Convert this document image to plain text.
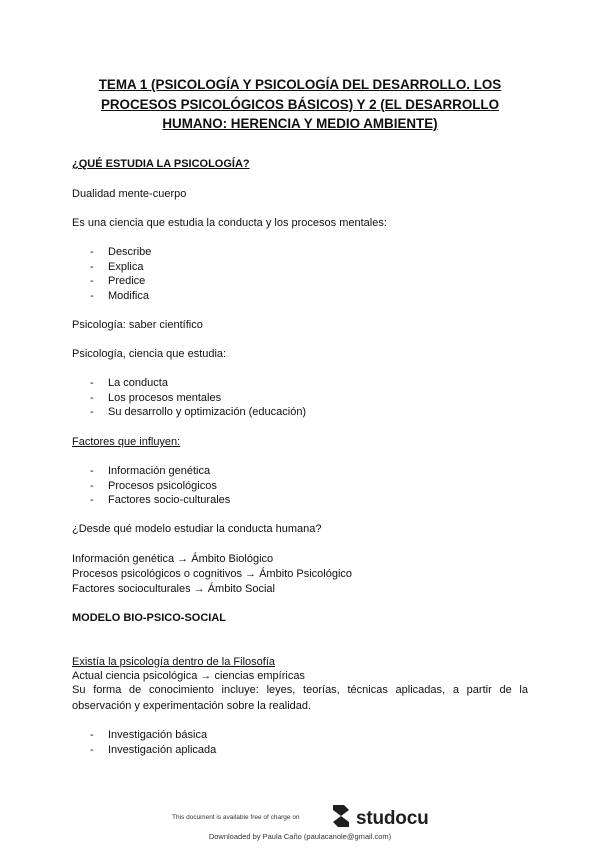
TEMA 1 (PSICOLOGÍA Y PSICOLOGÍA DEL DESARROLLO. LOS PROCESOS PSICOLÓGICOS BÁSICOS) Y 2 (EL DESARROLLO HUMANO: HERENCIA Y MEDIO AMBIENTE)
¿QUÉ ESTUDIA LA PSICOLOGÍA?
Dualidad mente-cuerpo
Es una ciencia que estudia la conducta y los procesos mentales:
- Describe
- Explica
- Predice
- Modifica
Psicología: saber científico
Psicología, ciencia que estudia:
- La conducta
- Los procesos mentales
- Su desarrollo y optimización (educación)
Factores que influyen:
- Información genética
- Procesos psicológicos
- Factores socio-culturales
¿Desde qué modelo estudiar la conducta humana?
Información genética → Ámbito Biológico
Procesos psicológicos o cognitivos → Ámbito Psicológico
Factores socioculturales → Ámbito Social
MODELO BIO-PSICO-SOCIAL
Existía la psicología dentro de la Filosofía
Actual ciencia psicológica → ciencias empíricas
Su forma de conocimiento incluye: leyes, teorías, técnicas aplicadas, a partir de la observación y experimentación sobre la realidad.
- Investigación básica
- Investigación aplicada
This document is available free of charge on	studocu
Downloaded by Paula Caño (paulacanole@gmail.com)
